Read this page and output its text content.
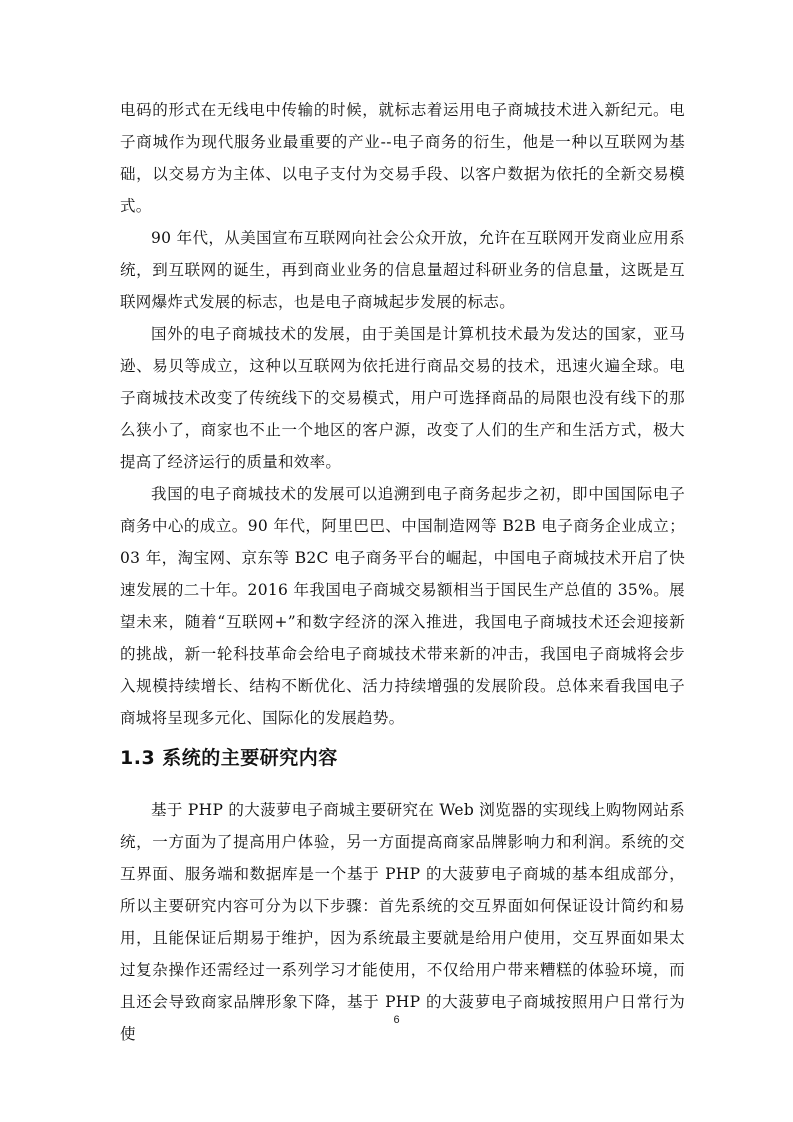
电码的形式在无线电中传输的时候，就标志着运用电子商城技术进入新纪元。电子商城作为现代服务业最重要的产业--电子商务的衍生，他是一种以互联网为基础，以交易方为主体、以电子支付为交易手段、以客户数据为依托的全新交易模式。

90 年代，从美国宣布互联网向社会公众开放，允许在互联网开发商业应用系统，到互联网的诞生，再到商业业务的信息量超过科研业务的信息量，这既是互联网爆炸式发展的标志，也是电子商城起步发展的标志。

国外的电子商城技术的发展，由于美国是计算机技术最为发达的国家，亚马逊、易贝等成立，这种以互联网为依托进行商品交易的技术，迅速火遍全球。电子商城技术改变了传统线下的交易模式，用户可选择商品的局限也没有线下的那么狭小了，商家也不止一个地区的客户源，改变了人们的生产和生活方式，极大提高了经济运行的质量和效率。

我国的电子商城技术的发展可以追溯到电子商务起步之初，即中国国际电子商务中心的成立。90 年代，阿里巴巴、中国制造网等 B2B 电子商务企业成立；03 年，淘宝网、京东等 B2C 电子商务平台的崛起，中国电子商城技术开启了快速发展的二十年。2016 年我国电子商城交易额相当于国民生产总值的 35%。展望未来，随着“互联网+”和数字经济的深入推进，我国电子商城技术还会迎接新的挑战，新一轮科技革命会给电子商城技术带来新的冲击，我国电子商城将会步入规模持续增长、结构不断优化、活力持续增强的发展阶段。总体来看我国电子商城将呈现多元化、国际化的发展趋势。

1.3 系统的主要研究内容

基于 PHP 的大菠萝电子商城主要研究在 Web 浏览器的实现线上购物网站系统，一方面为了提高用户体验，另一方面提高商家品牌影响力和利润。系统的交互界面、服务端和数据库是一个基于 PHP 的大菠萝电子商城的基本组成部分，所以主要研究内容可分为以下步骤：首先系统的交互界面如何保证设计简约和易用，且能保证后期易于维护，因为系统最主要就是给用户使用，交互界面如果太过复杂操作还需经过一系列学习才能使用，不仅给用户带来糟糕的体验环境，而且还会导致商家品牌形象下降，基于 PHP 的大菠萝电子商城按照用户日常行为使

6
